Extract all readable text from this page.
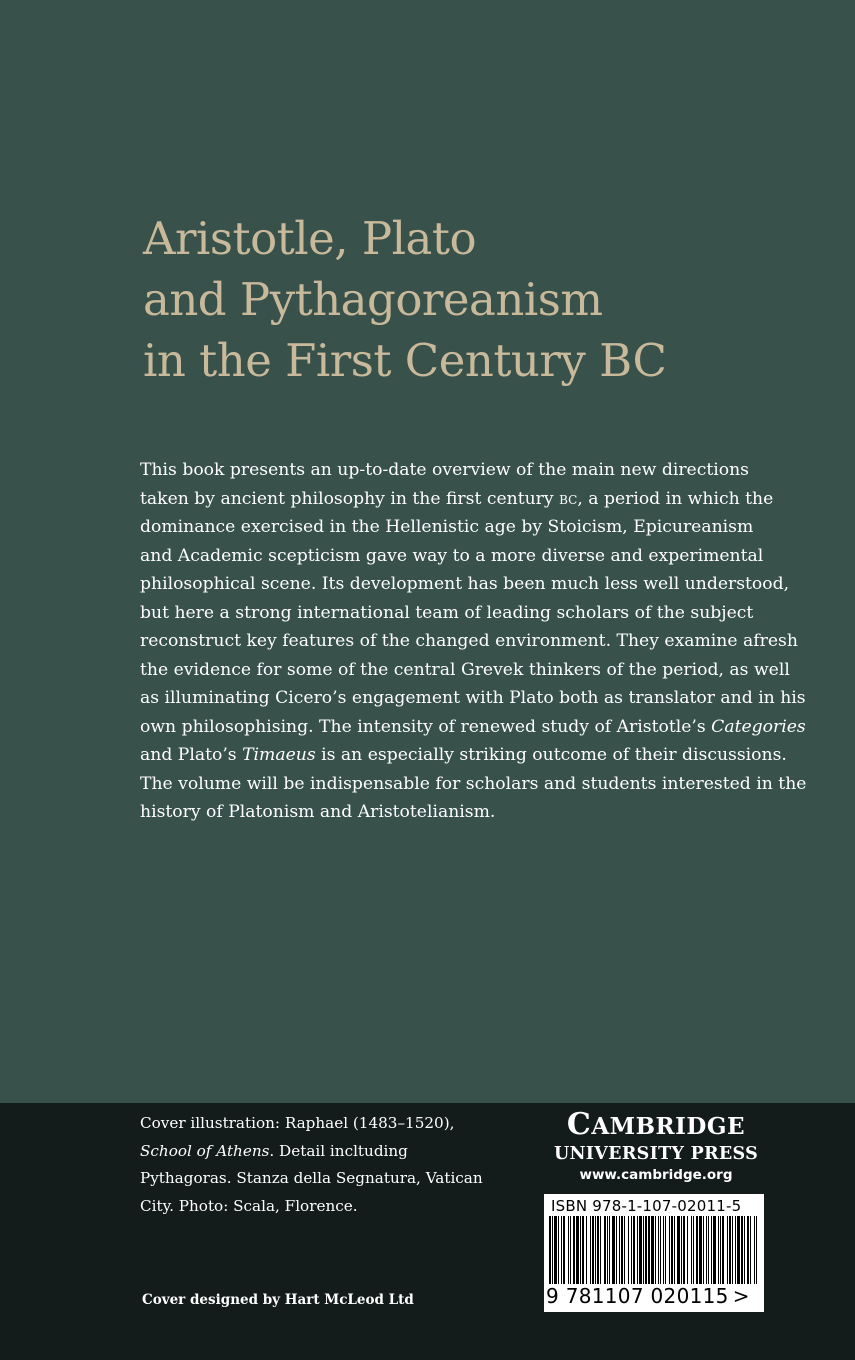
Aristotle, Plato
and Pythagoreanism
in the First Century BC
This book presents an up-to-date overview of the main new directions
taken by ancient philosophy in the first century bc, a period in which the
dominance exercised in the Hellenistic age by Stoicism, Epicureanism
and Academic scepticism gave way to a more diverse and experimental
philosophical scene. Its development has been much less well understood,
but here a strong international team of leading scholars of the subject
reconstruct key features of the changed environment. They examine afresh
the evidence for some of the central Grevek thinkers of the period, as well
as illuminating Cicero’s engagement with Plato both as translator and in his
own philosophising. The intensity of renewed study of Aristotle’s Categories
and Plato’s Timaeus is an especially striking outcome of their discussions.
The volume will be indispensable for scholars and students interested in the
history of Platonism and Aristotelianism.
Cover illustration: Raphael (1483–1520),
School of Athens. Detail incltuding
Pythagoras. Stanza della Segnatura, Vatican
City. Photo: Scala, Florence.
Cover designed by Hart McLeod Ltd
CAMBRIDGE
UNIVERSITY PRESS
www.cambridge.org
ISBN 978-1-107-02011-5
9 781107 020115 >
